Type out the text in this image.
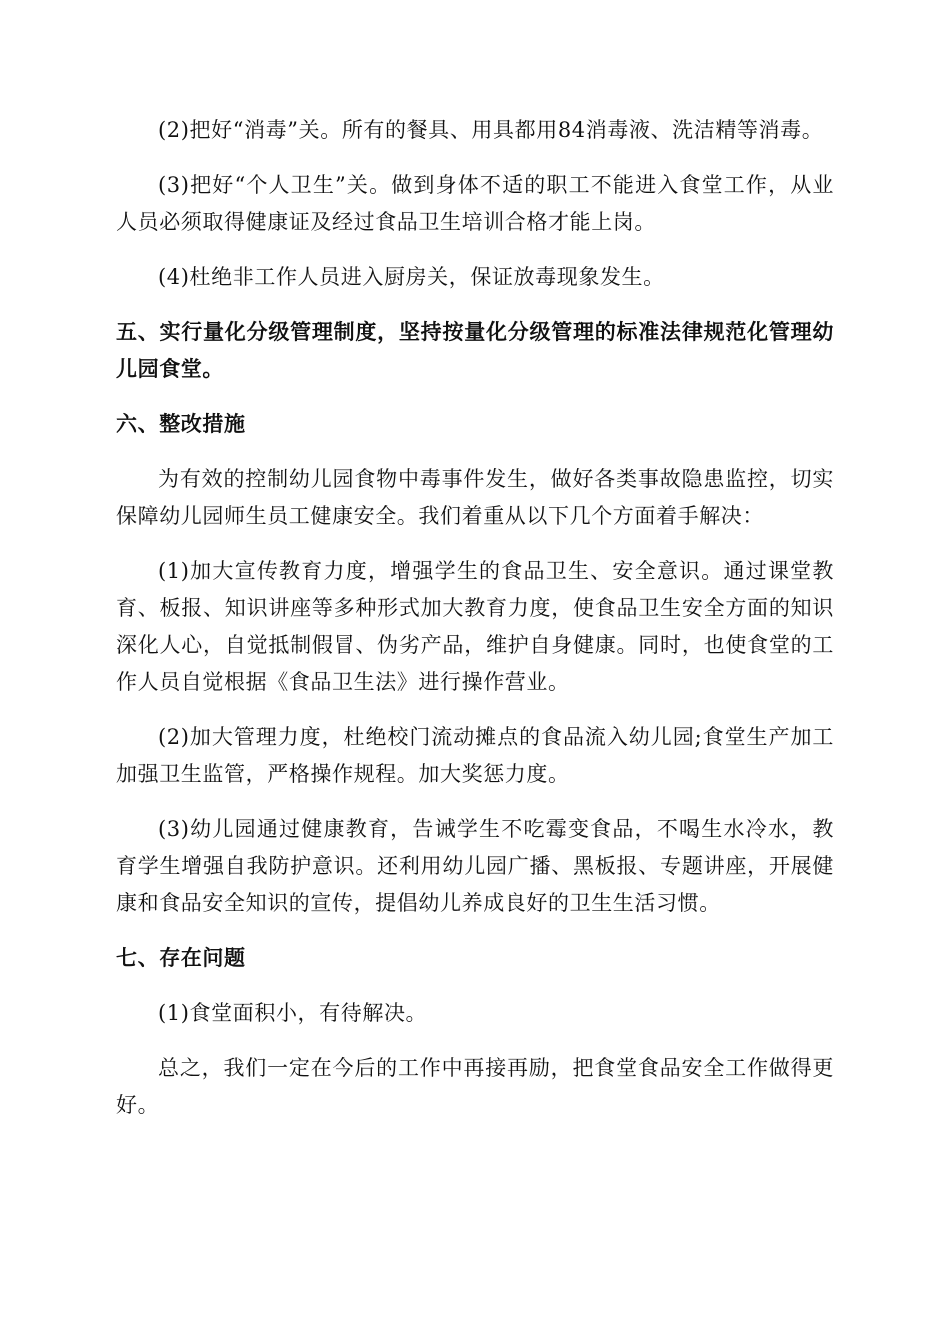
(2)把好“消毒”关。所有的餐具、用具都用84消毒液、洗洁精等消毒。

(3)把好“个人卫生”关。做到身体不适的职工不能进入食堂工作，从业人员必须取得健康证及经过食品卫生培训合格才能上岗。

(4)杜绝非工作人员进入厨房关，保证放毒现象发生。

五、实行量化分级管理制度，坚持按量化分级管理的标准法律规范化管理幼儿园食堂。

六、整改措施

为有效的控制幼儿园食物中毒事件发生，做好各类事故隐患监控，切实保障幼儿园师生员工健康安全。我们着重从以下几个方面着手解决：

(1)加大宣传教育力度，增强学生的食品卫生、安全意识。通过课堂教育、板报、知识讲座等多种形式加大教育力度，使食品卫生安全方面的知识深化人心，自觉抵制假冒、伪劣产品，维护自身健康。同时，也使食堂的工作人员自觉根据《食品卫生法》进行操作营业。

(2)加大管理力度，杜绝校门流动摊点的食品流入幼儿园;食堂生产加工加强卫生监管，严格操作规程。加大奖惩力度。

(3)幼儿园通过健康教育，告诫学生不吃霉变食品，不喝生水冷水，教育学生增强自我防护意识。还利用幼儿园广播、黑板报、专题讲座，开展健康和食品安全知识的宣传，提倡幼儿养成良好的卫生生活习惯。

七、存在问题

(1)食堂面积小，有待解决。

总之，我们一定在今后的工作中再接再励，把食堂食品安全工作做得更好。
